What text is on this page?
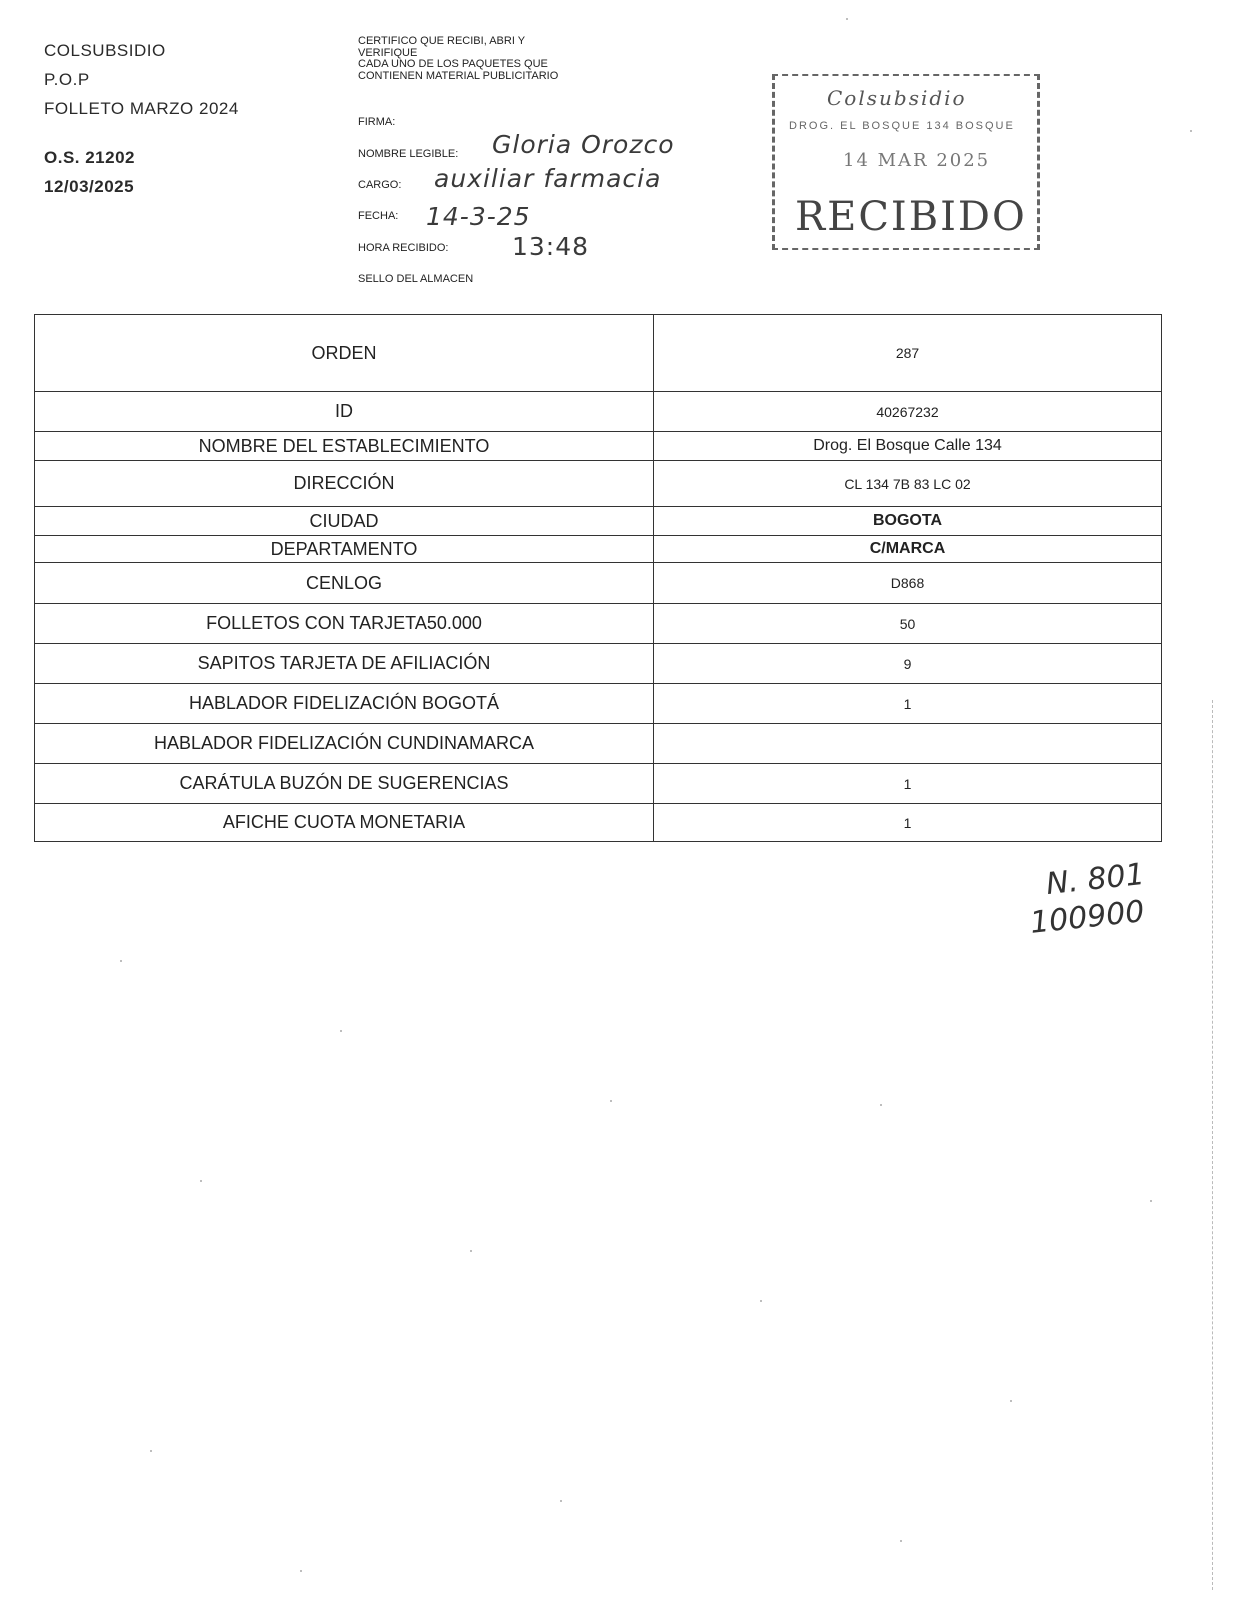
COLSUBSIDIO
P.O.P
FOLLETO MARZO 2024
O.S. 21202
12/03/2025
CERTIFICO QUE RECIBI, ABRI Y
VERIFIQUE
CADA UNO DE LOS PAQUETES QUE
CONTIENEN MATERIAL PUBLICITARIO
FIRMA:
NOMBRE LEGIBLE:
CARGO:
FECHA:
HORA RECIBIDO:
SELLO DEL ALMACEN
Gloria Orozco
auxiliar farmacia
14-3-25
13:48
Colsubsidio
DROG. EL BOSQUE 134 BOSQUE
14 MAR 2025
RECIBIDO
ORDEN	287
ID	40267232
NOMBRE DEL ESTABLECIMIENTO	Drog. El Bosque Calle 134
DIRECCIÓN	CL 134 7B 83 LC 02
CIUDAD	BOGOTA
DEPARTAMENTO	C/MARCA
CENLOG	D868
FOLLETOS CON TARJETA50.000	50
SAPITOS TARJETA DE AFILIACIÓN	9
HABLADOR FIDELIZACIÓN BOGOTÁ	1
HABLADOR FIDELIZACIÓN CUNDINAMARCA	
CARÁTULA BUZÓN DE SUGERENCIAS	1
AFICHE CUOTA MONETARIA	1
N. 801
100900
